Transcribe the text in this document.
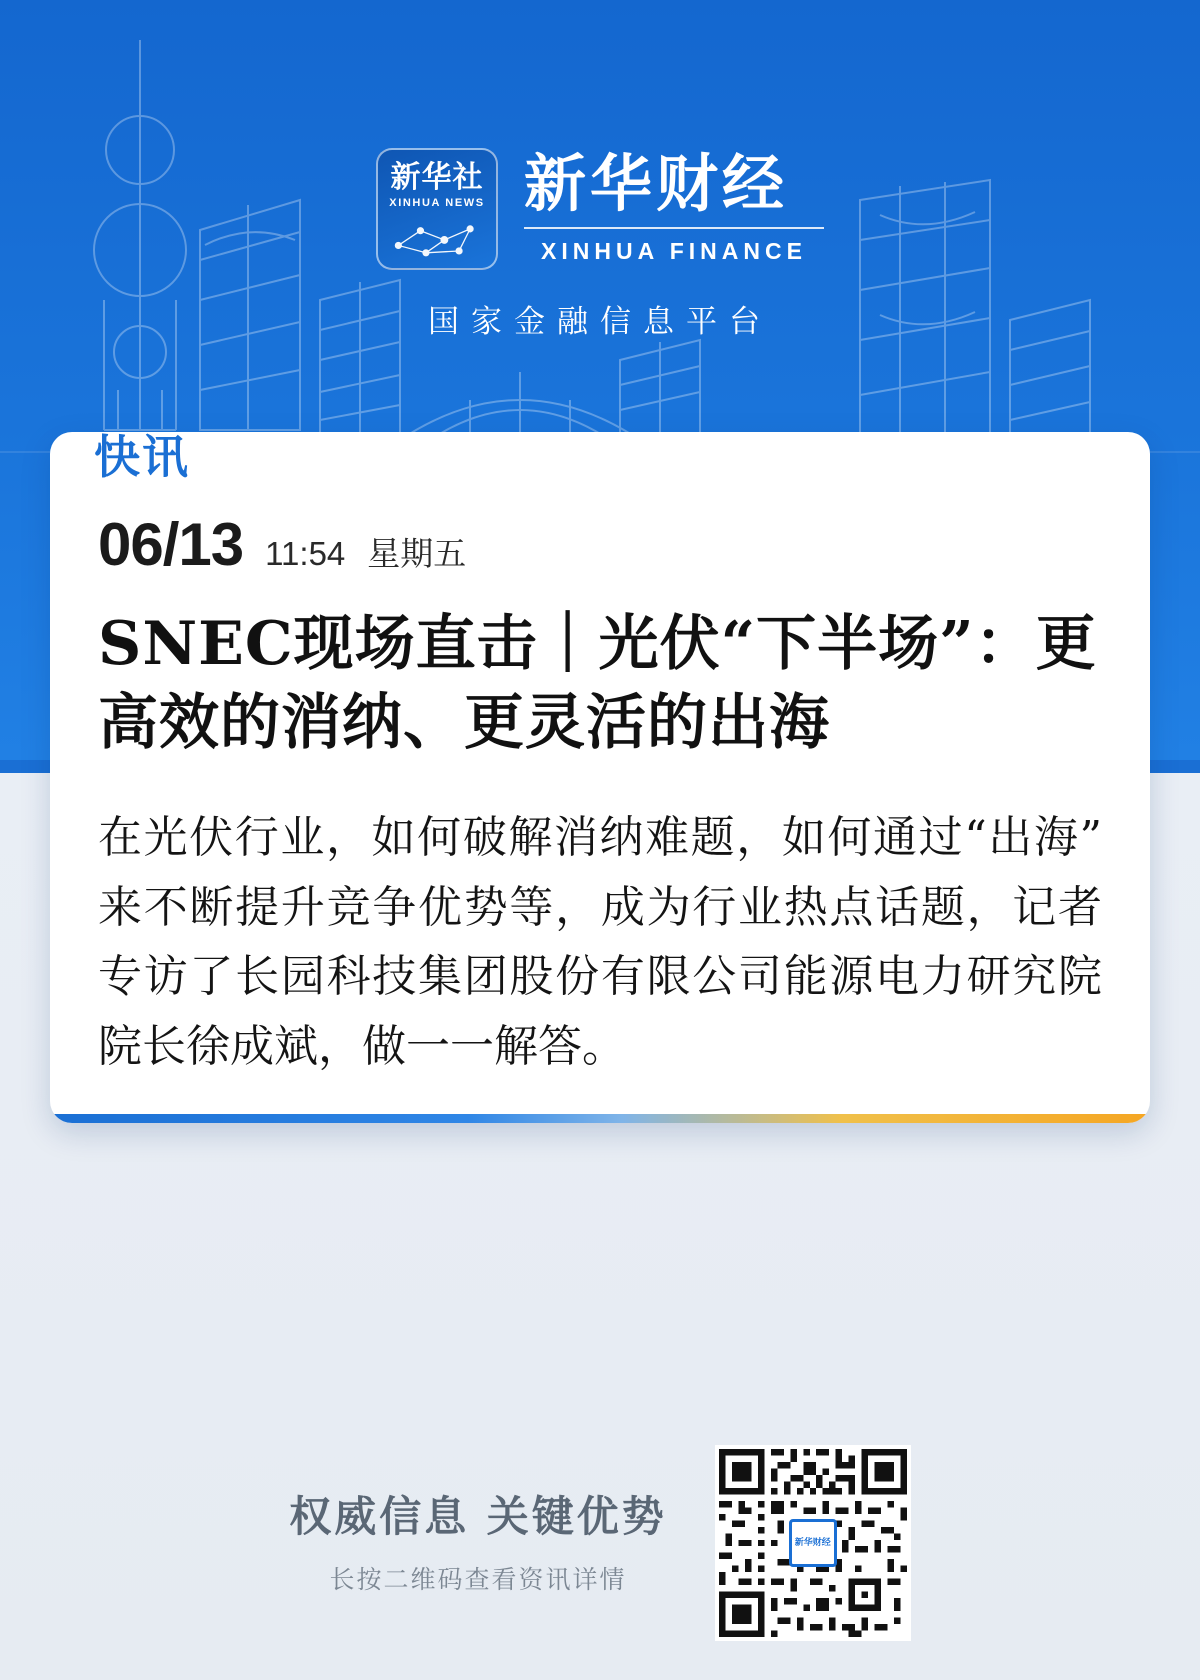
新华社
XINHUA NEWS 新华财经
XINHUA FINANCE
国家金融信息平台
快讯
06/13 11:54 星期五
SNEC现场直击｜光伏“下半场”：更高效的消纳、更灵活的出海
在光伏行业，如何破解消纳难题，如何通过“出海”来不断提升竞争优势等，成为行业热点话题，记者专访了长园科技集团股份有限公司能源电力研究院院长徐成斌，做一一解答。
权威信息 关键优势
长按二维码查看资讯详情
新华财经
